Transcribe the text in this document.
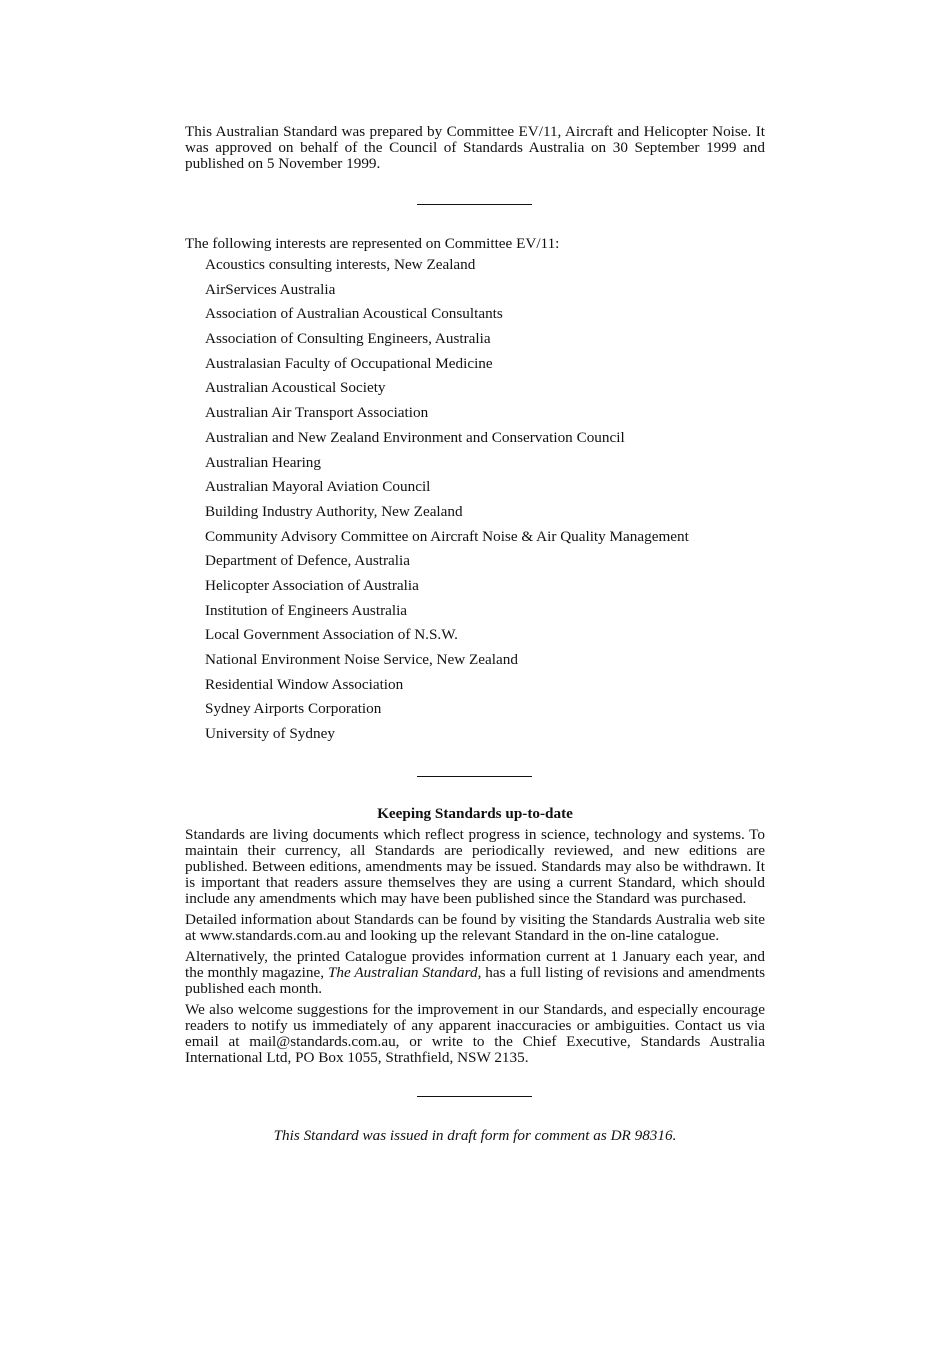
This Australian Standard was prepared by Committee EV/11, Aircraft and Helicopter Noise. It was approved on behalf of the Council of Standards Australia on 30 September 1999 and published on 5 November 1999.

The following interests are represented on Committee EV/11:

Acoustics consulting interests, New Zealand
AirServices Australia
Association of Australian Acoustical Consultants
Association of Consulting Engineers, Australia
Australasian Faculty of Occupational Medicine
Australian Acoustical Society
Australian Air Transport Association
Australian and New Zealand Environment and Conservation Council
Australian Hearing
Australian Mayoral Aviation Council
Building Industry Authority, New Zealand
Community Advisory Committee on Aircraft Noise & Air Quality Management
Department of Defence, Australia
Helicopter Association of Australia
Institution of Engineers Australia
Local Government Association of N.S.W.
National Environment Noise Service, New Zealand
Residential Window Association
Sydney Airports Corporation
University of Sydney
Keeping Standards up-to-date

Standards are living documents which reflect progress in science, technology and systems. To maintain their currency, all Standards are periodically reviewed, and new editions are published. Between editions, amendments may be issued. Standards may also be withdrawn. It is important that readers assure themselves they are using a current Standard, which should include any amendments which may have been published since the Standard was purchased.

Detailed information about Standards can be found by visiting the Standards Australia web site at www.standards.com.au and looking up the relevant Standard in the on-line catalogue.

Alternatively, the printed Catalogue provides information current at 1 January each year, and the monthly magazine, The Australian Standard, has a full listing of revisions and amendments published each month.

We also welcome suggestions for the improvement in our Standards, and especially encourage readers to notify us immediately of any apparent inaccuracies or ambiguities. Contact us via email at mail@standards.com.au, or write to the Chief Executive, Standards Australia International Ltd, PO Box 1055, Strathfield, NSW 2135.

This Standard was issued in draft form for comment as DR 98316.
